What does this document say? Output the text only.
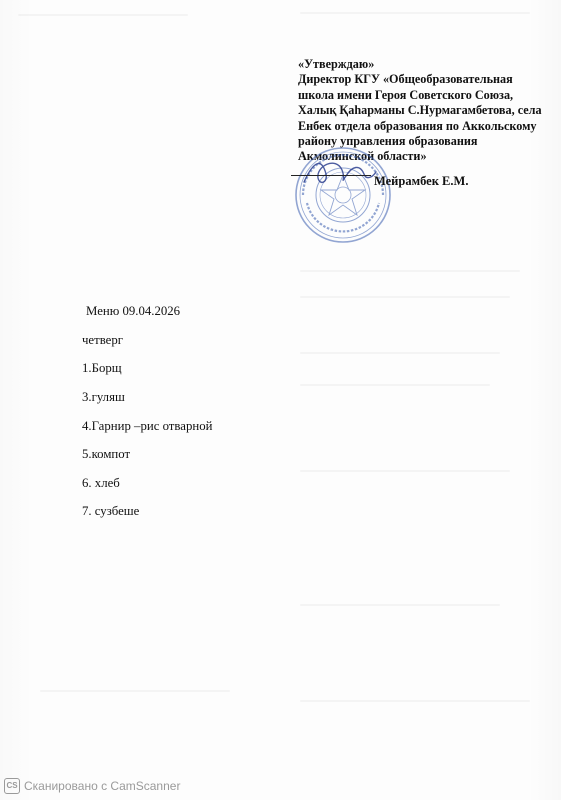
«Утверждаю»
Директор КГУ «Общеобразовательная
школа имени Героя Советского Союза,
Халық Қаһарманы С.Нурмагамбетова, села
Енбек отдела образования по Аккольскому
району управления образования
Акмолинской области»
Мейрамбек Е.М.
Меню 09.04.2026
четверг
1.Борщ
3.гуляш
4.Гарнир –рис отварной
5.компот
6. хлеб
7. сузбеше
CS Сканировано с CamScanner
